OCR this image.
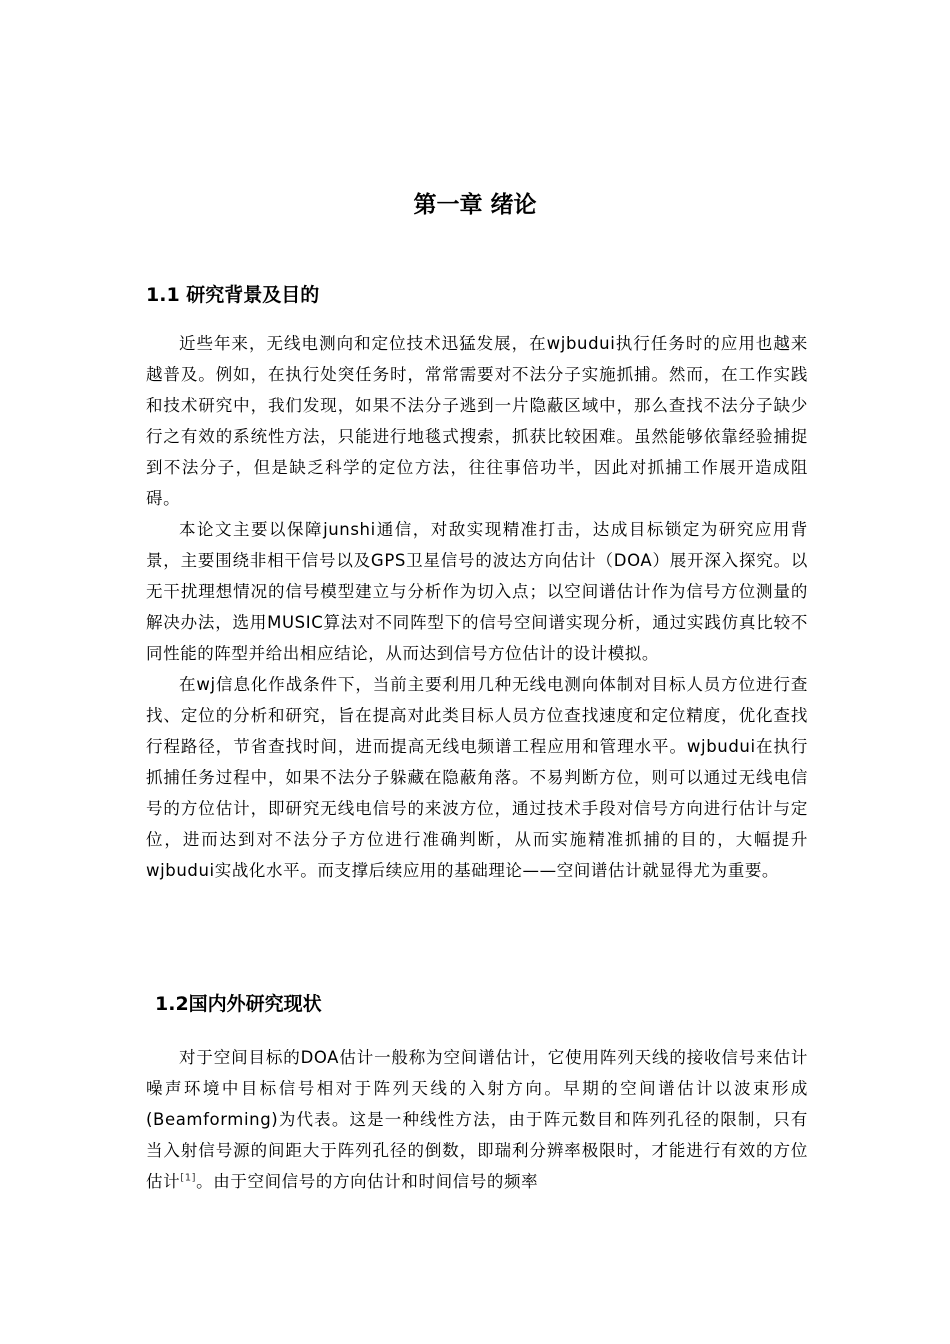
第一章 绪论
1.1 研究背景及目的

近些年来，无线电测向和定位技术迅猛发展，在wjbudui执行任务时的应用也越来越普及。例如，在执行处突任务时，常常需要对不法分子实施抓捕。然而，在工作实践和技术研究中，我们发现，如果不法分子逃到一片隐蔽区域中，那么查找不法分子缺少行之有效的系统性方法，只能进行地毯式搜索，抓获比较困难。虽然能够依靠经验捕捉到不法分子，但是缺乏科学的定位方法，往往事倍功半，因此对抓捕工作展开造成阻碍。

本论文主要以保障junshi通信，对敌实现精准打击，达成目标锁定为研究应用背景，主要围绕非相干信号以及GPS卫星信号的波达方向估计（DOA）展开深入探究。以无干扰理想情况的信号模型建立与分析作为切入点；以空间谱估计作为信号方位测量的解决办法，选用MUSIC算法对不同阵型下的信号空间谱实现分析，通过实践仿真比较不同性能的阵型并给出相应结论，从而达到信号方位估计的设计模拟。

在wj信息化作战条件下，当前主要利用几种无线电测向体制对目标人员方位进行查找、定位的分析和研究，旨在提高对此类目标人员方位查找速度和定位精度，优化查找行程路径，节省查找时间，进而提高无线电频谱工程应用和管理水平。wjbudui在执行抓捕任务过程中，如果不法分子躲藏在隐蔽角落。不易判断方位，则可以通过无线电信号的方位估计，即研究无线电信号的来波方位，通过技术手段对信号方向进行估计与定位，进而达到对不法分子方位进行准确判断，从而实施精准抓捕的目的，大幅提升wjbudui实战化水平。而支撑后续应用的基础理论——空间谱估计就显得尤为重要。

1.2国内外研究现状

对于空间目标的DOA估计一般称为空间谱估计，它使用阵列天线的接收信号来估计噪声环境中目标信号相对于阵列天线的入射方向。早期的空间谱估计以波束形成(Beamforming)为代表。这是一种线性方法，由于阵元数目和阵列孔径的限制，只有当入射信号源的间距大于阵列孔径的倒数，即瑞利分辨率极限时，才能进行有效的方位估计[1]。由于空间信号的方向估计和时间信号的频率
